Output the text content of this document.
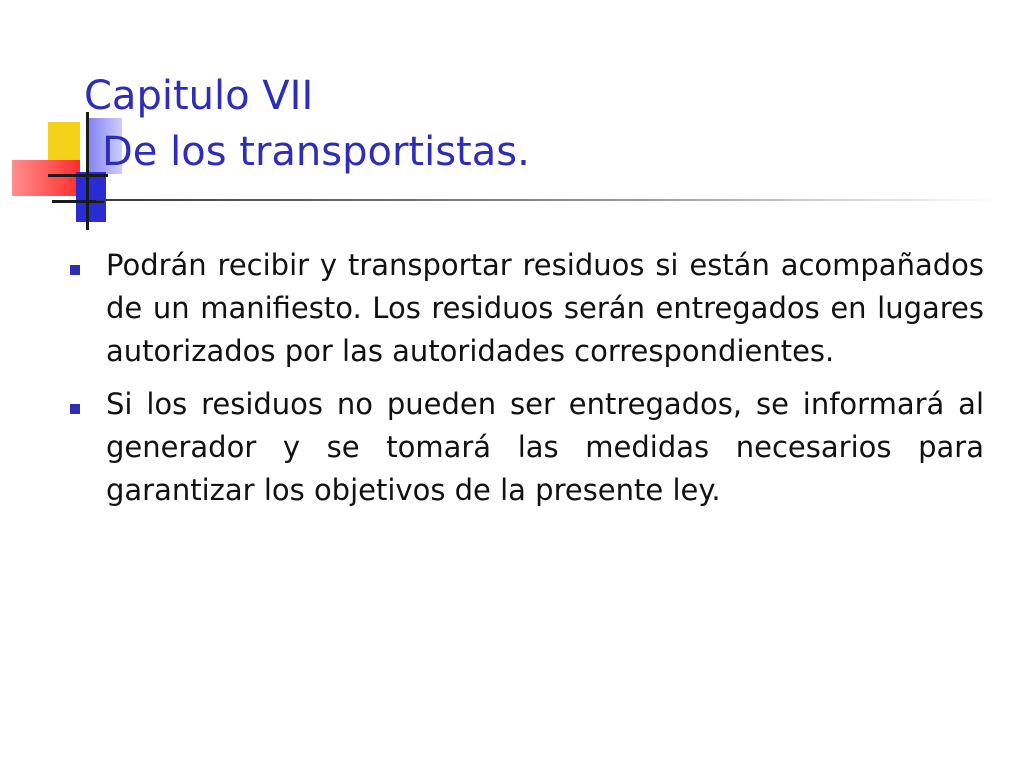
Capitulo VII
De los transportistas.

Podrán recibir y transportar residuos si están acompañados de un manifiesto. Los residuos serán entregados en lugares autorizados por las autoridades correspondientes.

Si los residuos no pueden ser entregados, se informará al generador y se tomará las medidas necesarios para garantizar los objetivos de la presente ley.
